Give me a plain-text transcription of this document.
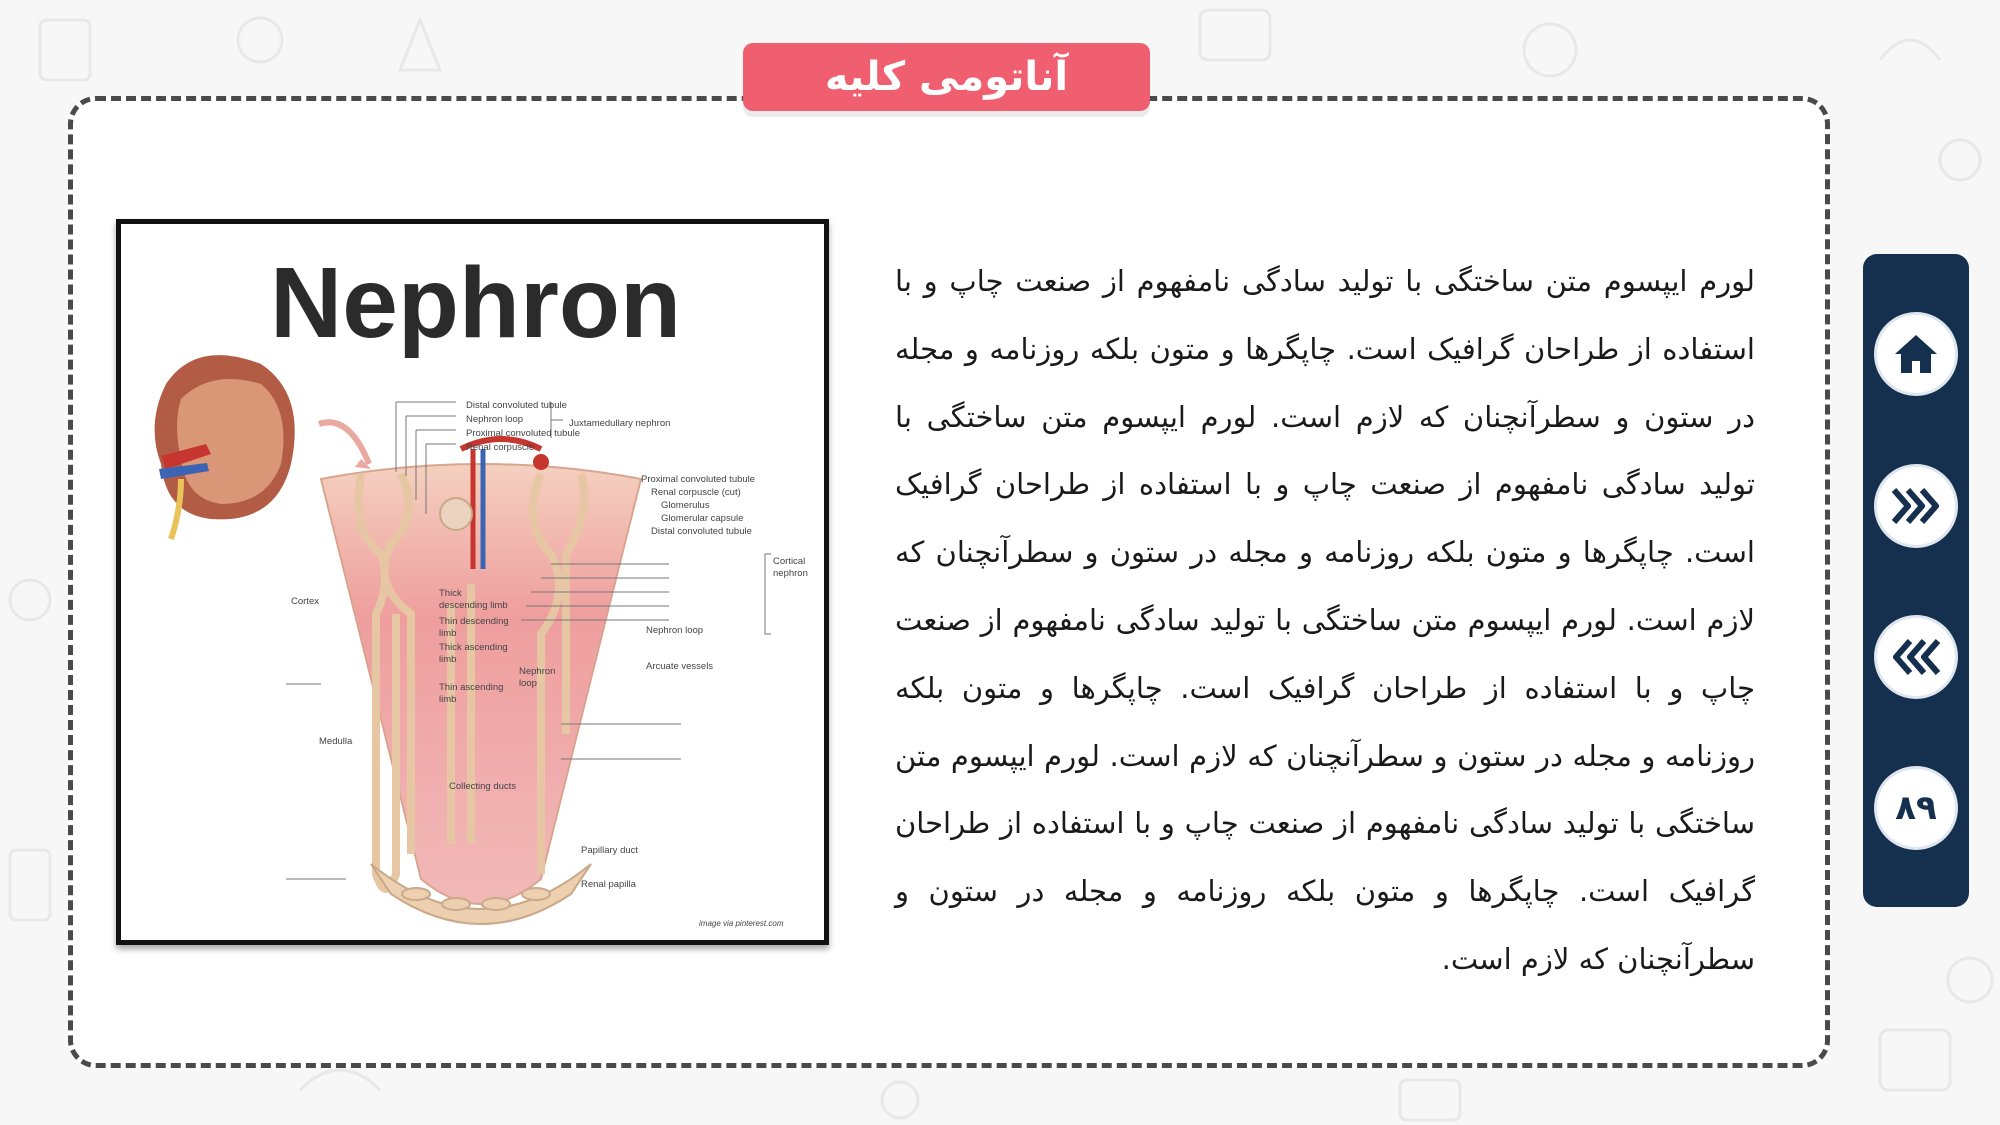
آناتومی کلیه
لورم ایپسوم متن ساختگی با تولید سادگی نامفهوم از صنعت چاپ و با استفاده از طراحان گرافیک است. چاپگرها و متون بلکه روزنامه و مجله در ستون و سطرآنچنان که لازم است. لورم ایپسوم متن ساختگی با تولید سادگی نامفهوم از صنعت چاپ و با استفاده از طراحان گرافیک است. چاپگرها و متون بلکه روزنامه و مجله در ستون و سطرآنچنان که لازم است. لورم ایپسوم متن ساختگی با تولید سادگی نامفهوم از صنعت چاپ و با استفاده از طراحان گرافیک است. چاپگرها و متون بلکه روزنامه و مجله در ستون و سطرآنچنان که لازم است. لورم ایپسوم متن ساختگی با تولید سادگی نامفهوم از صنعت چاپ و با استفاده از طراحان گرافیک است. چاپگرها و متون بلکه روزنامه و مجله در ستون و سطرآنچنان که لازم است.
Nephron
Distal convoluted tubule
Nephron loop
Proximal convoluted tubule
Renal corpuscle
Juxtamedullary nephron
Proximal convoluted tubule
Renal corpuscle (cut)
Glomerulus
Glomerular capsule
Distal convoluted tubule
Cortical
nephron
Cortex
Medulla
Thick
descending limb
Thin descending
limb
Thick ascending
limb
Thin ascending
limb
Nephron
loop
Nephron loop
Arcuate vessels
Collecting ducts
Papillary duct
Renal papilla
image via pinterest.com
۸۹
